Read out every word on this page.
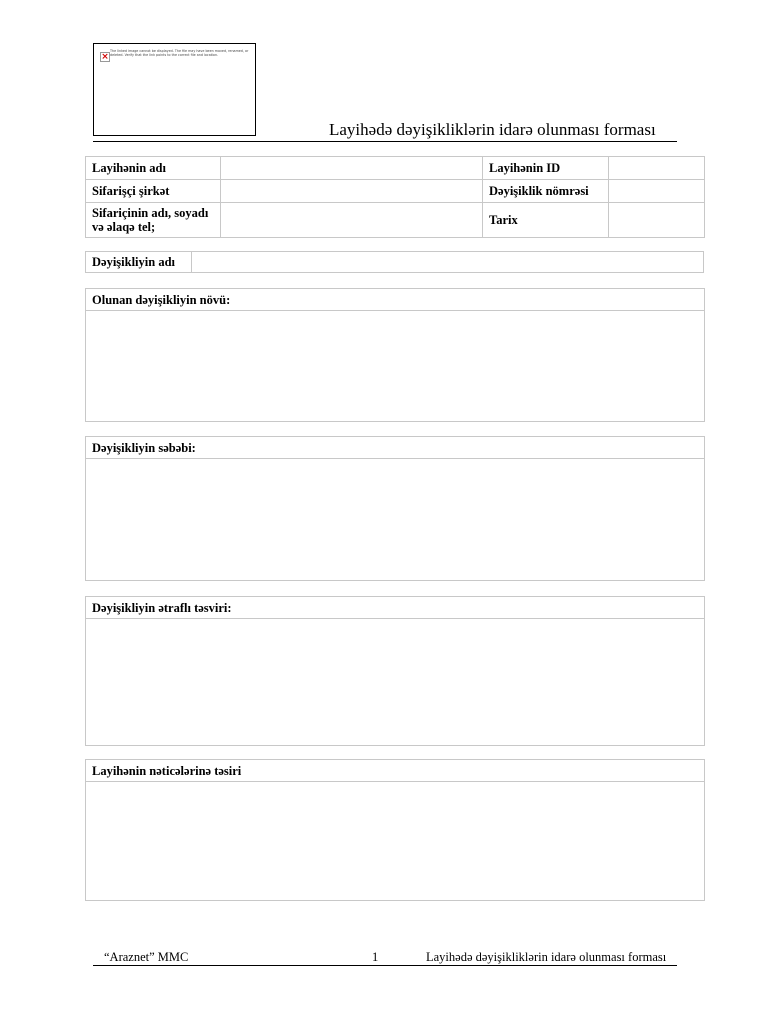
×
The linked image cannot be displayed. The file may have been moved, renamed, or deleted. Verify that the link points to the correct file and location.
Layihədə dəyişikliklərin idarə olunması forması
Layihənin adı		Layihənin ID	
Sifarişçi şirkət		Dəyişiklik nömrəsi	
Sifariçinin adı, soyadı və əlaqə tel;		Tarix	
Dəyişikliyin adı	
Olunan dəyişikliyin növü:
Dəyişikliyin səbəbi:
Dəyişikliyin ətraflı təsviri:
Layihənin nəticələrinə təsiri
“Araznet” MMC	1	Layihədə dəyişikliklərin idarə olunması forması
